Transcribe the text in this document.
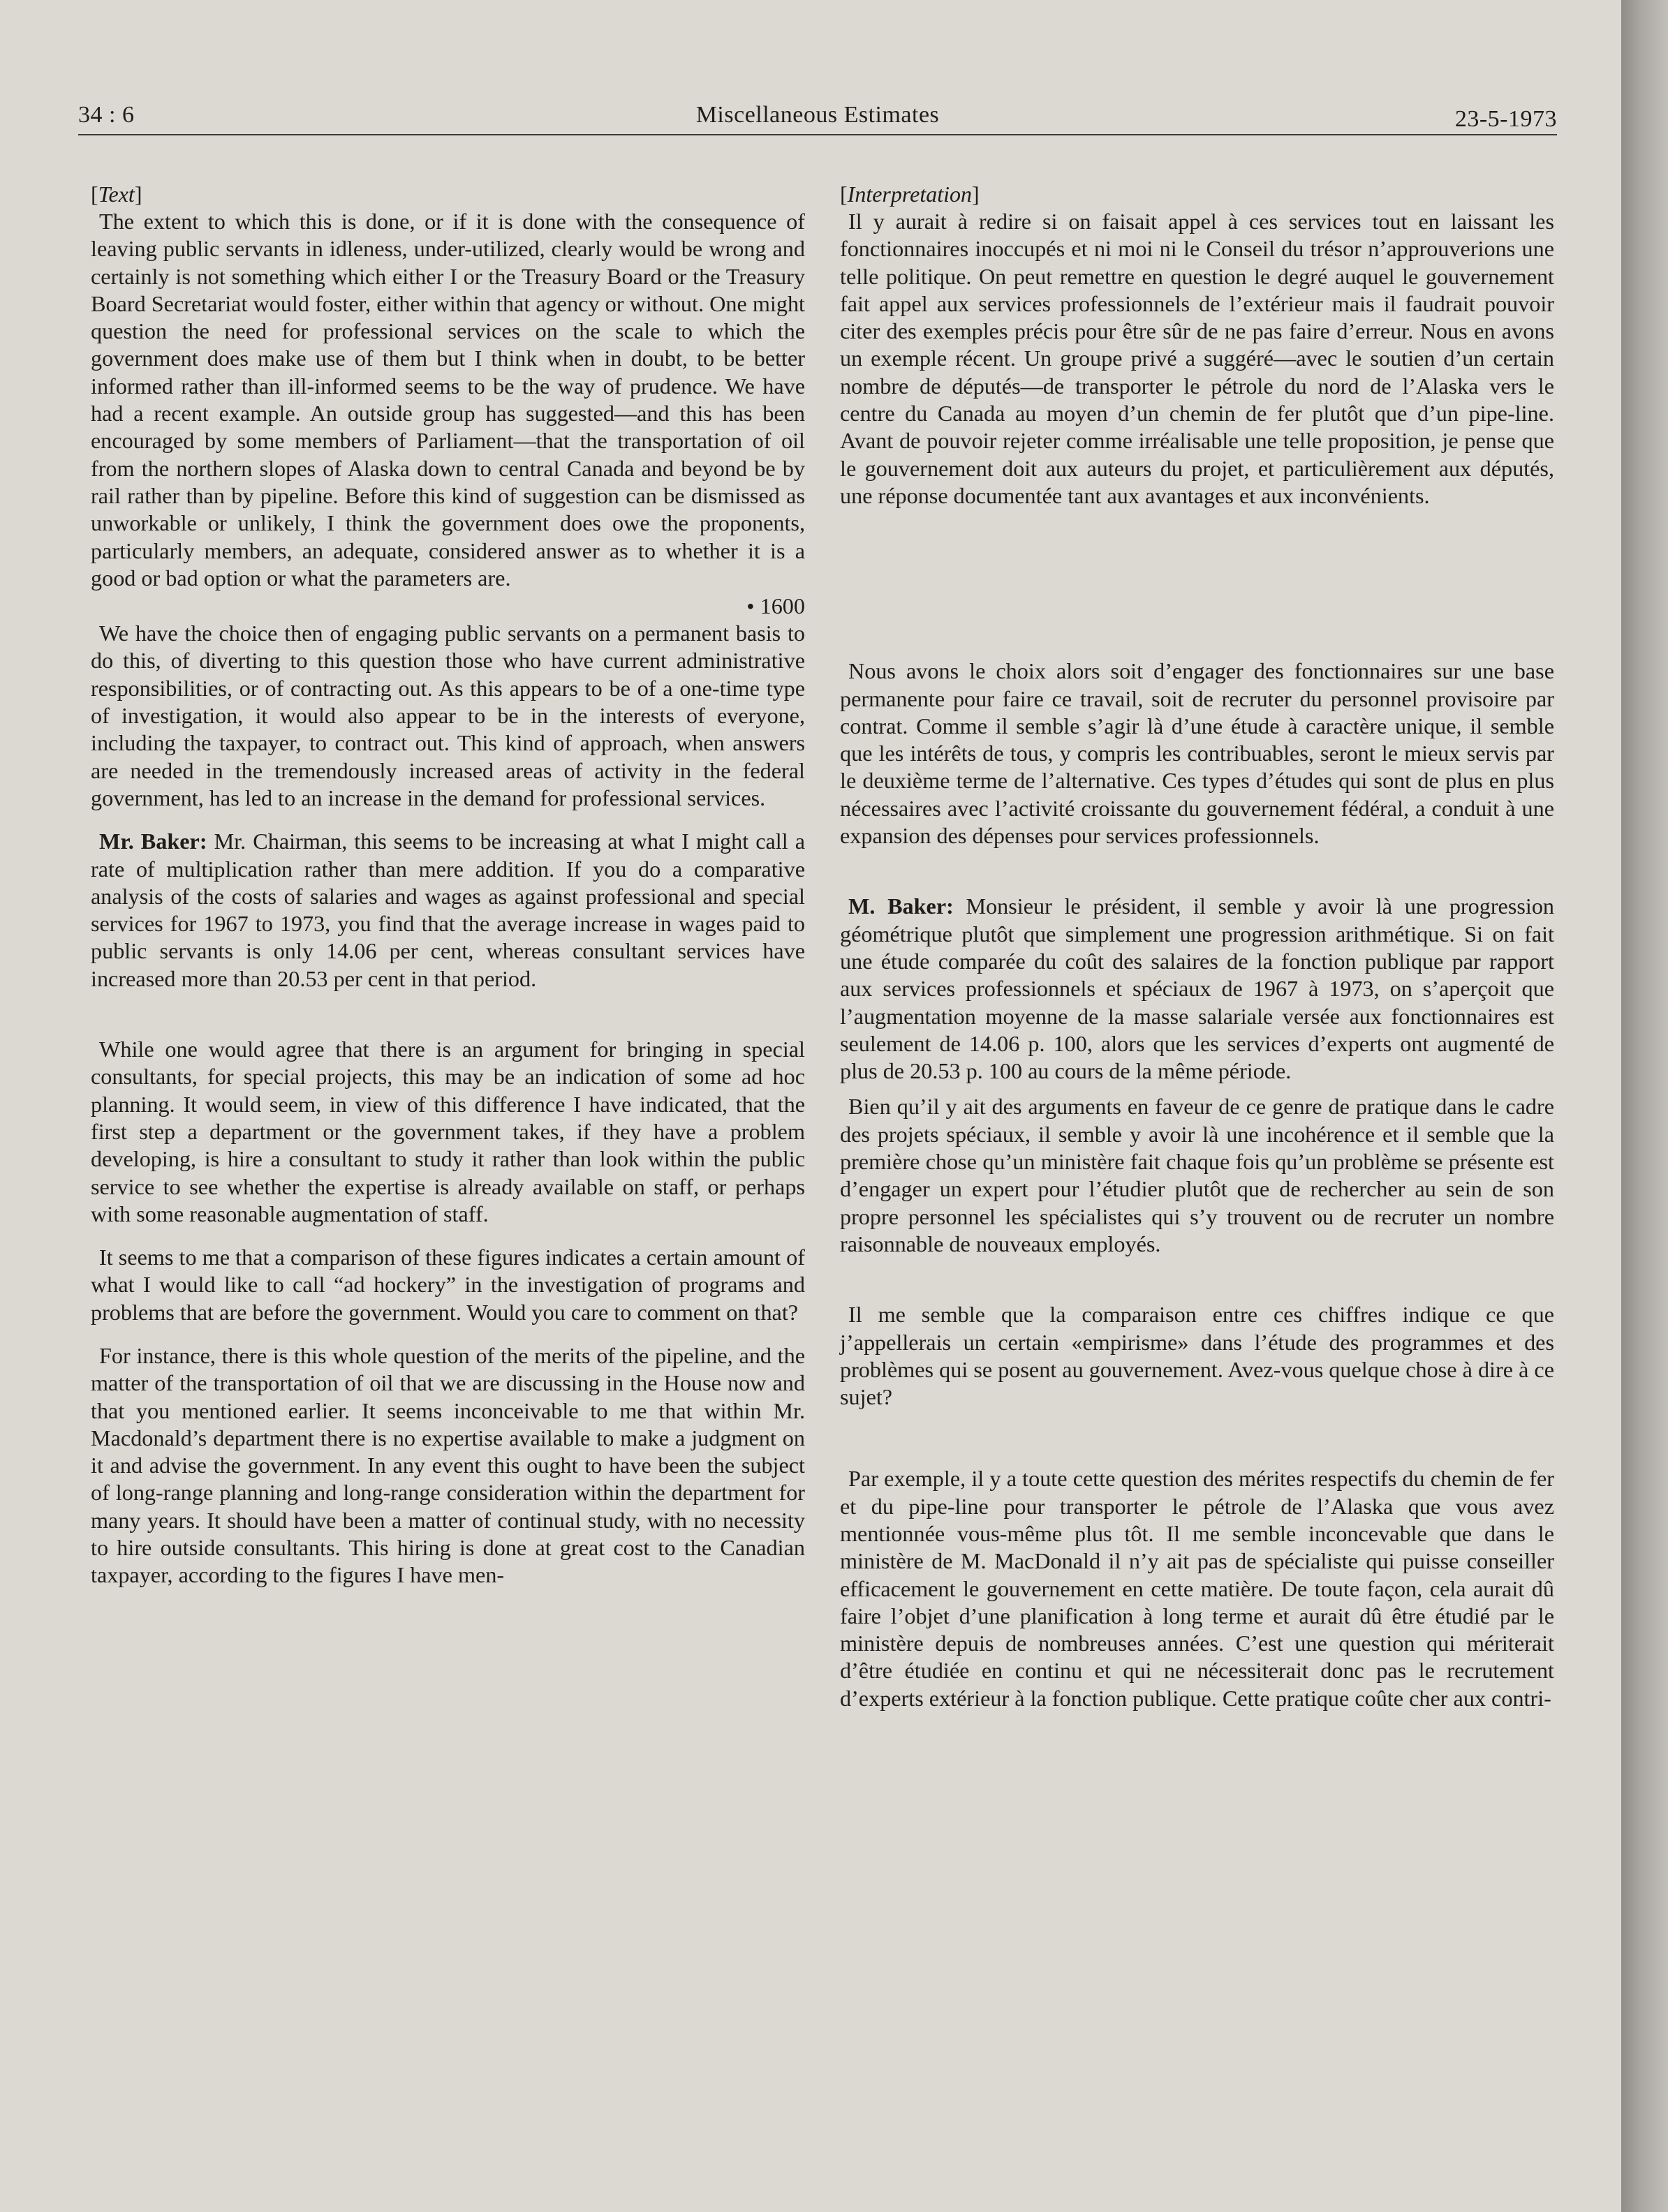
34 : 6	Miscellaneous Estimates	23-5-1973
[Text]

The extent to which this is done, or if it is done with the consequence of leaving public servants in idleness, under-utilized, clearly would be wrong and certainly is not something which either I or the Treasury Board or the Treasury Board Secretariat would foster, either within that agency or without. One might question the need for professional services on the scale to which the government does make use of them but I think when in doubt, to be better informed rather than ill-informed seems to be the way of prudence. We have had a recent example. An outside group has suggested—and this has been encouraged by some members of Parliament—that the transportation of oil from the northern slopes of Alaska down to central Canada and beyond be by rail rather than by pipeline. Before this kind of suggestion can be dismissed as unworkable or unlikely, I think the government does owe the proponents, particularly members, an adequate, considered answer as to whether it is a good or bad option or what the parameters are.

• 1600

We have the choice then of engaging public servants on a permanent basis to do this, of diverting to this question those who have current administrative responsibilities, or of contracting out. As this appears to be of a one-time type of investigation, it would also appear to be in the interests of everyone, including the taxpayer, to contract out. This kind of approach, when answers are needed in the tremendously increased areas of activity in the federal government, has led to an increase in the demand for professional services.

Mr. Baker: Mr. Chairman, this seems to be increasing at what I might call a rate of multiplication rather than mere addition. If you do a comparative analysis of the costs of salaries and wages as against professional and special services for 1967 to 1973, you find that the average increase in wages paid to public servants is only 14.06 per cent, whereas consultant services have increased more than 20.53 per cent in that period.

While one would agree that there is an argument for bringing in special consultants, for special projects, this may be an indication of some ad hoc planning. It would seem, in view of this difference I have indicated, that the first step a department or the government takes, if they have a problem developing, is hire a consultant to study it rather than look within the public service to see whether the expertise is already available on staff, or perhaps with some reasonable augmentation of staff.

It seems to me that a comparison of these figures indicates a certain amount of what I would like to call “ad hockery” in the investigation of programs and problems that are before the government. Would you care to comment on that?

For instance, there is this whole question of the merits of the pipeline, and the matter of the transportation of oil that we are discussing in the House now and that you mentioned earlier. It seems inconceivable to me that within Mr. Macdonald’s department there is no expertise available to make a judgment on it and advise the government. In any event this ought to have been the subject of long-range planning and long-range consideration within the department for many years. It should have been a matter of continual study, with no necessity to hire outside consultants. This hiring is done at great cost to the Canadian taxpayer, according to the figures I have men-

[Interpretation]

Il y aurait à redire si on faisait appel à ces services tout en laissant les fonctionnaires inoccupés et ni moi ni le Conseil du trésor n’approuverions une telle politique. On peut remettre en question le degré auquel le gouvernement fait appel aux services professionnels de l’extérieur mais il faudrait pouvoir citer des exemples précis pour être sûr de ne pas faire d’erreur. Nous en avons un exemple récent. Un groupe privé a suggéré—avec le soutien d’un certain nombre de députés—de transporter le pétrole du nord de l’Alaska vers le centre du Canada au moyen d’un chemin de fer plutôt que d’un pipe-line. Avant de pouvoir rejeter comme irréalisable une telle proposition, je pense que le gouvernement doit aux auteurs du projet, et particulièrement aux députés, une réponse documentée tant aux avantages et aux inconvénients.

Nous avons le choix alors soit d’engager des fonctionnaires sur une base permanente pour faire ce travail, soit de recruter du personnel provisoire par contrat. Comme il semble s’agir là d’une étude à caractère unique, il semble que les intérêts de tous, y compris les contribuables, seront le mieux servis par le deuxième terme de l’alternative. Ces types d’études qui sont de plus en plus nécessaires avec l’activité croissante du gouvernement fédéral, a conduit à une expansion des dépenses pour services professionnels.

M. Baker: Monsieur le président, il semble y avoir là une progression géométrique plutôt que simplement une progression arithmétique. Si on fait une étude comparée du coût des salaires de la fonction publique par rapport aux services professionnels et spéciaux de 1967 à 1973, on s’aperçoit que l’augmentation moyenne de la masse salariale versée aux fonctionnaires est seulement de 14.06 p. 100, alors que les services d’experts ont augmenté de plus de 20.53 p. 100 au cours de la même période.

Bien qu’il y ait des arguments en faveur de ce genre de pratique dans le cadre des projets spéciaux, il semble y avoir là une incohérence et il semble que la première chose qu’un ministère fait chaque fois qu’un problème se présente est d’engager un expert pour l’étudier plutôt que de rechercher au sein de son propre personnel les spécialistes qui s’y trouvent ou de recruter un nombre raisonnable de nouveaux employés.

Il me semble que la comparaison entre ces chiffres indique ce que j’appellerais un certain «empirisme» dans l’étude des programmes et des problèmes qui se posent au gouvernement. Avez-vous quelque chose à dire à ce sujet?

Par exemple, il y a toute cette question des mérites respectifs du chemin de fer et du pipe-line pour transporter le pétrole de l’Alaska que vous avez mentionnée vous-même plus tôt. Il me semble inconcevable que dans le ministère de M. MacDonald il n’y ait pas de spécialiste qui puisse conseiller efficacement le gouvernement en cette matière. De toute façon, cela aurait dû faire l’objet d’une planification à long terme et aurait dû être étudié par le ministère depuis de nombreuses années. C’est une question qui mériterait d’être étudiée en continu et qui ne nécessiterait donc pas le recrutement d’experts extérieur à la fonction publique. Cette pratique coûte cher aux contri-
